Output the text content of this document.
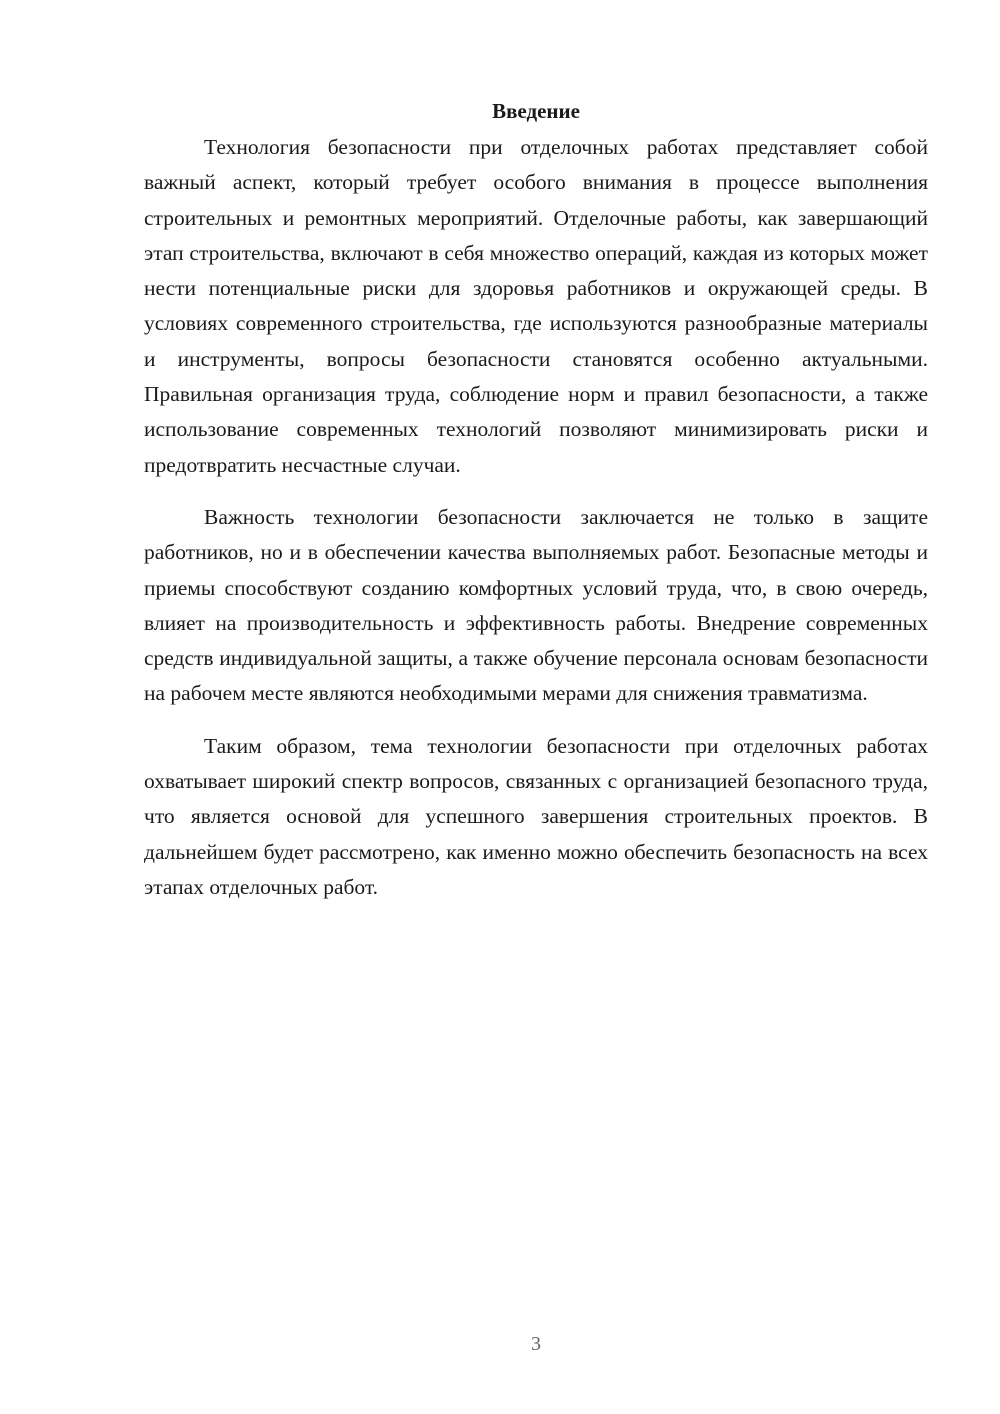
Введение

Технология безопасности при отделочных работах представляет собой важный аспект, который требует особого внимания в процессе выполнения строительных и ремонтных мероприятий. Отделочные работы, как завершающий этап строительства, включают в себя множество операций, каждая из которых может нести потенциальные риски для здоровья работников и окружающей среды. В условиях современного строительства, где используются разнообразные материалы и инструменты, вопросы безопасности становятся особенно актуальными. Правильная организация труда, соблюдение норм и правил безопасности, а также использование современных технологий позволяют минимизировать риски и предотвратить несчастные случаи.

Важность технологии безопасности заключается не только в защите работников, но и в обеспечении качества выполняемых работ. Безопасные методы и приемы способствуют созданию комфортных условий труда, что, в свою очередь, влияет на производительность и эффективность работы. Внедрение современных средств индивидуальной защиты, а также обучение персонала основам безопасности на рабочем месте являются необходимыми мерами для снижения травматизма.

Таким образом, тема технологии безопасности при отделочных работах охватывает широкий спектр вопросов, связанных с организацией безопасного труда, что является основой для успешного завершения строительных проектов. В дальнейшем будет рассмотрено, как именно можно обеспечить безопасность на всех этапах отделочных работ.

3
